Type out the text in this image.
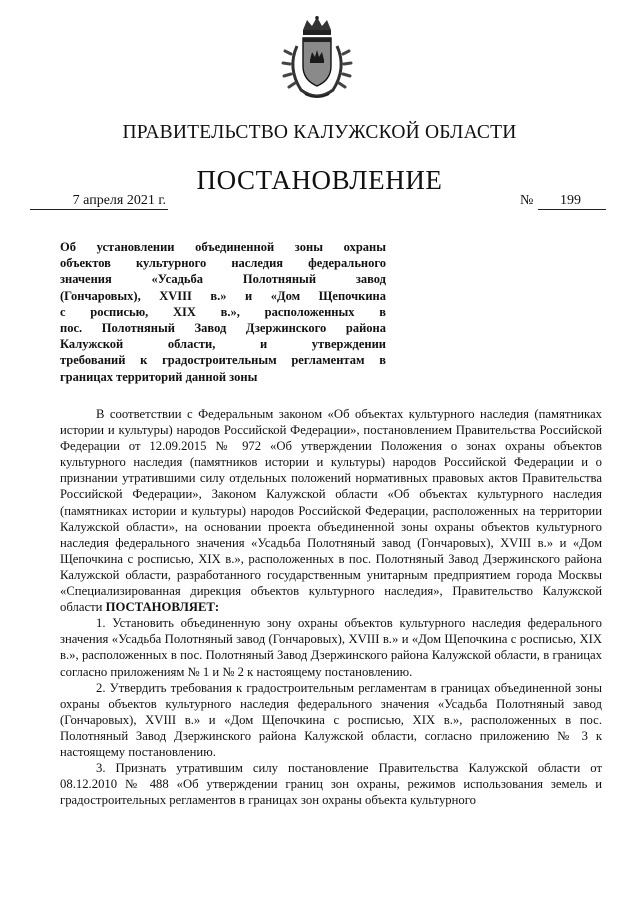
ПРАВИТЕЛЬСТВО КАЛУЖСКОЙ ОБЛАСТИ
ПОСТАНОВЛЕНИЕ
7 апреля 2021 г.	№ 199
Об установлении объединенной зоны охраны
объектов культурного наследия федерального
значения «Усадьба Полотняный завод
(Гончаровых), XVIII в.» и «Дом Щепочкина
с росписью, XIX в.», расположенных в
пос. Полотняный Завод Дзержинского района
Калужской области, и утверждении
требований к градостроительным регламентам в
границах территорий данной зоны

В соответствии с Федеральным законом «Об объектах культурного наследия (памятниках истории и культуры) народов Российской Федерации», постановлением Правительства Российской Федерации от 12.09.2015 № 972 «Об утверждении Положения о зонах охраны объектов культурного наследия (памятников истории и культуры) народов Российской Федерации и о признании утратившими силу отдельных положений нормативных правовых актов Правительства Российской Федерации», Законом Калужской области «Об объектах культурного наследия (памятниках истории и культуры) народов Российской Федерации, расположенных на территории Калужской области», на основании проекта объединенной зоны охраны объектов культурного наследия федерального значения «Усадьба Полотняный завод (Гончаровых), XVIII в.» и «Дом Щепочкина с росписью, XIX в.», расположенных в пос. Полотняный Завод Дзержинского района Калужской области, разработанного государственным унитарным предприятием города Москвы «Специализированная дирекция объектов культурного наследия», Правительство Калужской области ПОСТАНОВЛЯЕТ:

1. Установить объединенную зону охраны объектов культурного наследия федерального значения «Усадьба Полотняный завод (Гончаровых), XVIII в.» и «Дом Щепочкина с росписью, XIX в.», расположенных в пос. Полотняный Завод Дзержинского района Калужской области, в границах согласно приложениям № 1 и № 2 к настоящему постановлению.

2. Утвердить требования к градостроительным регламентам в границах объединенной зоны охраны объектов культурного наследия федерального значения «Усадьба Полотняный завод (Гончаровых), XVIII в.» и «Дом Щепочкина с росписью, XIX в.», расположенных в пос. Полотняный Завод Дзержинского района Калужской области, согласно приложению № 3 к настоящему постановлению.

3. Признать утратившим силу постановление Правительства Калужской области от 08.12.2010 № 488 «Об утверждении границ зон охраны, режимов использования земель и градостроительных регламентов в границах зон охраны объекта культурного
